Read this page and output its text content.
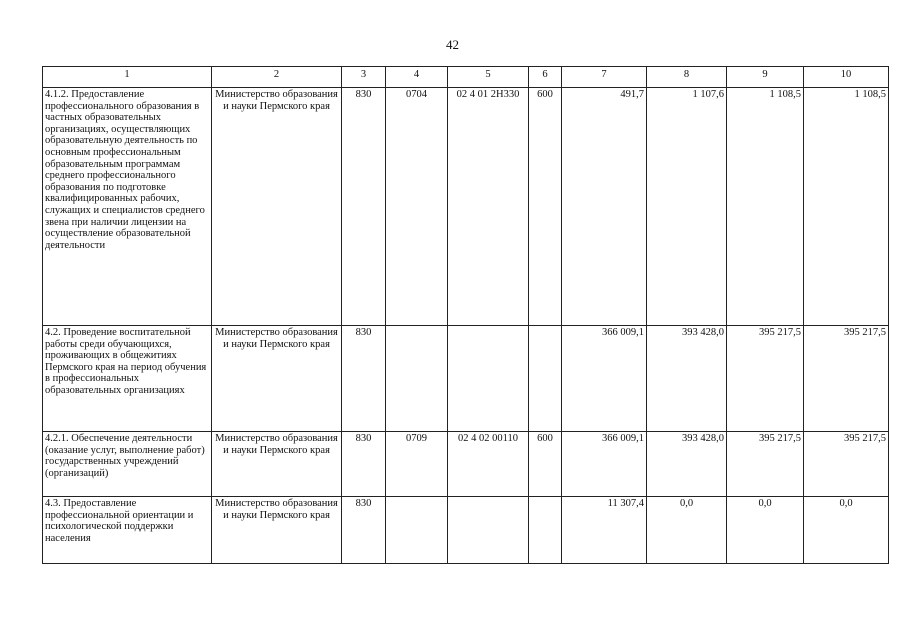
42
1	2	3	4	5	6	7	8	9	10
4.1.2. Предоставление профессионального образования в частных образовательных организациях, осуществляющих образовательную деятельность по основным профессиональным образовательным программам среднего профессионального образования по подготовке квалифицированных рабочих, служащих и специалистов среднего звена при наличии лицензии на осуществление образовательной деятельности	Министерство образования и науки Пермского края	830	0704	02 4 01 2Н330	600	491,7	1 107,6	1 108,5	1 108,5
4.2. Проведение воспитательной работы среди обучающихся, проживающих в общежитиях Пермского края на период обучения в профессиональных образовательных организациях	Министерство образования и науки Пермского края	830				366 009,1	393 428,0	395 217,5	395 217,5
4.2.1. Обеспечение деятельности (оказание услуг, выполнение работ) государственных учреждений (организаций)	Министерство образования и науки Пермского края	830	0709	02 4 02 00110	600	366 009,1	393 428,0	395 217,5	395 217,5
4.3. Предоставление профессиональной ориентации и психологической поддержки населения	Министерство образования и науки Пермского края	830				11 307,4	0,0	0,0	0,0
